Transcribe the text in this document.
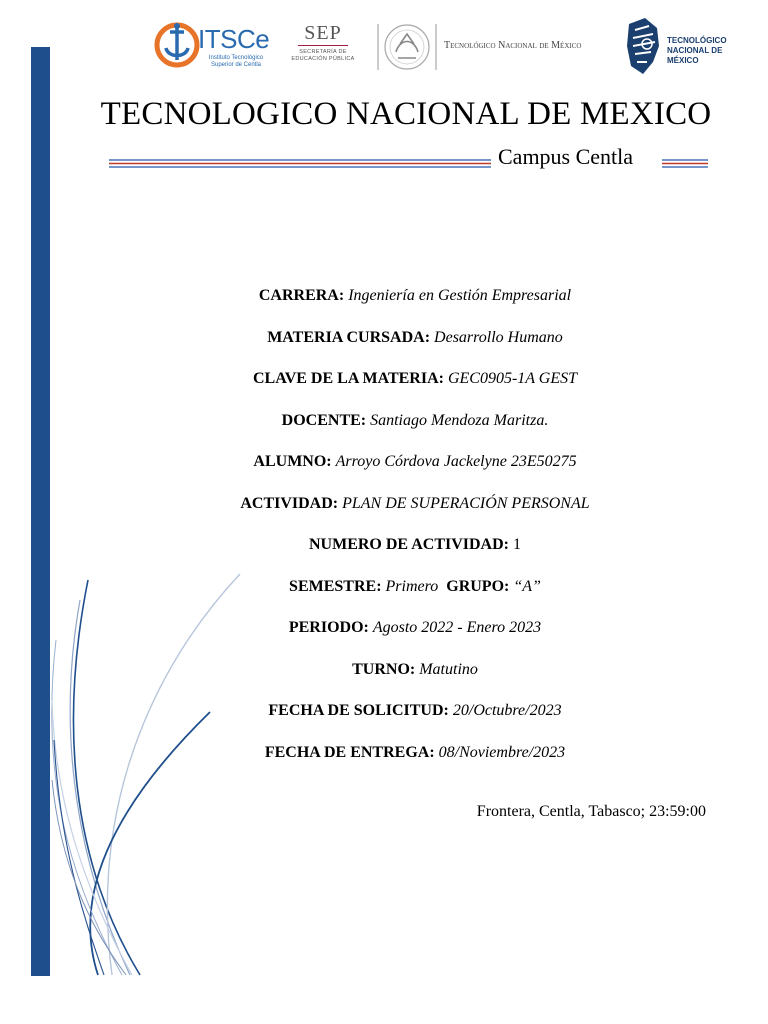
ITSCe
Instituto Tecnológico Superior de Centla
SEP
SECRETARÍA DE
EDUCACIÓN PÚBLICA
Tecnológico Nacional de México	TECNOLÓGICO
NACIONAL DE MÉXICO
TECNOLOGICO NACIONAL DE MEXICO
Campus Centla
CARRERA: Ingeniería en Gestión Empresarial
MATERIA CURSADA: Desarrollo Humano
CLAVE DE LA MATERIA: GEC0905-1A GEST
DOCENTE: Santiago Mendoza Maritza.
ALUMNO: Arroyo Córdova Jackelyne 23E50275
ACTIVIDAD: PLAN DE SUPERACIÓN PERSONAL
NUMERO DE ACTIVIDAD: 1
SEMESTRE: Primero GRUPO: “A”
PERIODO: Agosto 2022 - Enero 2023
TURNO: Matutino
FECHA DE SOLICITUD: 20/Octubre/2023
FECHA DE ENTREGA: 08/Noviembre/2023
Frontera, Centla, Tabasco; 23:59:00
